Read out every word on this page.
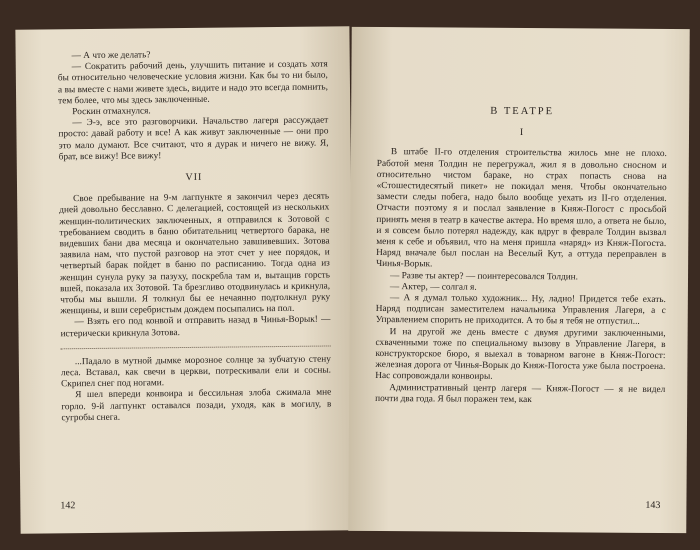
— А что же делать?

— Сократить рабочий день, улучшить питание и создать хотя бы относительно человеческие условия жизни. Как бы то ни было, а вы вместе с нами живете здесь, видите и надо это всегда помнить, тем более, что мы здесь заключенные.

Роскин отмахнулся.

— Э-э, все это разговорчики. Начальство лагеря рассуждает просто: давай работу и все! А как живут заключенные — они про это мало думают. Все считают, что я дурак и ничего не вижу. Я, брат, все вижу! Все вижу!

VII

Свое пребывание на 9-м лагпункте я закончил через десять дней довольно бесславно. С делегацией, состоящей из нескольких женщин-политических заключенных, я отправился к Зотовой с требованием сводить в баню обитательниц четвертого барака, не видевших бани два месяца и окончательно завшивевших. Зотова заявила нам, что пустой разговор на этот счет у нее порядок, и четвертый барак пойдет в баню по расписанию. Тогда одна из женщин сунула руку за пазуху, поскребла там и, вытащив горсть вшей, показала их Зотовой. Та брезгливо отодвинулась и крикнула, чтобы мы вышли. Я толкнул бы ее нечаянно подтолкнул руку женщины, и вши серебристым дождем посыпались на пол.

— Взять его под конвой и отправить назад в Чинья-Ворык! — истерически крикнула Зотова.

...Падало в мутной дымке морозное солнце за зубчатую стену леса. Вставал, как свечи в церкви, потрескивали ели и сосны. Скрипел снег под ногами.

Я шел впереди конвоира и бессильная злоба сжимала мне горло. 9-й лагпункт оставался позади, уходя, как в могилу, в сугробы снега.

142
В ТЕАТРЕ
I

В штабе II-го отделения строительства жилось мне не плохо. Работой меня Толдин не перегружал, жил я в довольно сносном и относительно чистом бараке, но страх попасть снова на «Стошестидесятый пикет» не покидал меня. Чтобы окончательно замести следы побега, надо было вообще уехать из II-го отделения. Отчасти поэтому я и послал заявление в Княж-Погост с просьбой принять меня в театр в качестве актера. Но время шло, а ответа не было, и я совсем было потерял надежду, как вдруг в феврале Толдин вызвал меня к себе и объявил, что на меня пришла «наряд» из Княж-Погоста. Наряд вначале был послан на Веселый Кут, а оттуда переправлен в Чинья-Ворык.

— Разве ты актер? — поинтересовался Толдин.

— Актер, — солгал я.

— А я думал только художник... Ну, ладно! Придется тебе ехать. Наряд подписан заместителем начальника Управления Лагеря, а с Управлением спорить не приходится. А то бы я тебя не отпустил...

И на другой же день вместе с двумя другими заключенными, схваченными тоже по специальному вызову в Управление Лагеря, в конструкторское бюро, я выехал в товарном вагоне в Княж-Погост: железная дорога от Чинья-Ворык до Княж-Погоста уже была построена. Нас сопровождали конвоиры.

Административный центр лагеря — Княж-Погост — я не видел почти два года. Я был поражен тем, как

143
